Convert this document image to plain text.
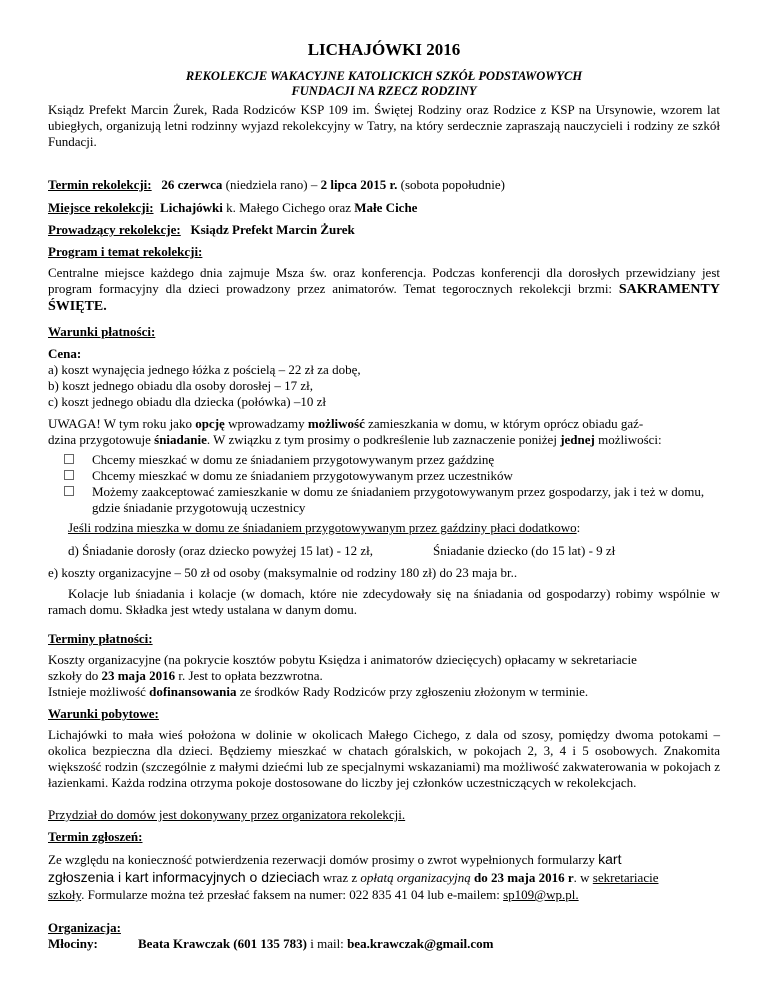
LICHAJÓWKI 2016
REKOLEKCJE WAKACYJNE KATOLICKICH SZKÓŁ PODSTAWOWYCH
FUNDACJI NA RZECZ RODZINY
Ksiądz Prefekt Marcin Żurek, Rada Rodziców KSP 109 im. Świętej Rodziny oraz Rodzice z KSP na Ursynowie, wzorem lat ubiegłych, organizują letni rodzinny wyjazd rekolekcyjny w Tatry, na który serdecznie zapraszają nauczycieli i rodziny ze szkół Fundacji.
Termin rekolekcji: 26 czerwca (niedziela rano) – 2 lipca 2015 r. (sobota popołudnie)
Miejsce rekolekcji: Lichajówki k. Małego Cichego oraz Małe Ciche
Prowadzący rekolekcje: Ksiądz Prefekt Marcin Żurek
Program i temat rekolekcji:
Centralne miejsce każdego dnia zajmuje Msza św. oraz konferencja. Podczas konferencji dla dorosłych przewidziany jest program formacyjny dla dzieci prowadzony przez animatorów. Temat tegorocznych rekolekcji brzmi: SAKRAMENTY ŚWIĘTE.
Warunki płatności:
Cena:
a) koszt wynajęcia jednego łóżka z pościelą – 22 zł za dobę,
b) koszt jednego obiadu dla osoby dorosłej – 17 zł,
c) koszt jednego obiadu dla dziecka (połówka) –10 zł
UWAGA! W tym roku jako opcję wprowadzamy możliwość zamieszkania w domu, w którym oprócz obiadu gaź-
dzina przygotowuje śniadanie. W związku z tym prosimy o podkreślenie lub zaznaczenie poniżej jednej możliwości:
Chcemy mieszkać w domu ze śniadaniem przygotowywanym przez gaździnę
Chcemy mieszkać w domu ze śniadaniem przygotowywanym przez uczestników
Możemy zaakceptować zamieszkanie w domu ze śniadaniem przygotowywanym przez gospodarzy, jak i też w domu, gdzie śniadanie przygotowują uczestnicy
Jeśli rodzina mieszka w domu ze śniadaniem przygotowywanym przez gaździny płaci dodatkowo:
d) Śniadanie dorosły (oraz dziecko powyżej 15 lat) - 12 zł,	Śniadanie dziecko (do 15 lat) - 9 zł
e) koszty organizacyjne – 50 zł od osoby (maksymalnie od rodziny 180 zł) do 23 maja br..
Kolacje lub śniadania i kolacje (w domach, które nie zdecydowały się na śniadania od gospodarzy) robimy wspólnie w ramach domu. Składka jest wtedy ustalana w danym domu.
Terminy płatności:
Koszty organizacyjne (na pokrycie kosztów pobytu Księdza i animatorów dziecięcych) opłacamy w sekretariacie
szkoły do 23 maja 2016 r. Jest to opłata bezzwrotna.
Istnieje możliwość dofinansowania ze środków Rady Rodziców przy zgłoszeniu złożonym w terminie.
Warunki pobytowe:
Lichajówki to mała wieś położona w dolinie w okolicach Małego Cichego, z dala od szosy, pomiędzy dwoma potokami – okolica bezpieczna dla dzieci. Będziemy mieszkać w chatach góralskich, w pokojach 2, 3, 4 i 5 osobowych. Znakomita większość rodzin (szczególnie z małymi dziećmi lub ze specjalnymi wskazaniami) ma możliwość zakwaterowania w pokojach z łazienkami. Każda rodzina otrzyma pokoje dostosowane do liczby jej członków uczestniczących w rekolekcjach.
Przydział do domów jest dokonywany przez organizatora rekolekcji.
Termin zgłoszeń:
Ze względu na konieczność potwierdzenia rezerwacji domów prosimy o zwrot wypełnionych formularzy kart
zgłoszenia i kart informacyjnych o dzieciach wraz z opłatą organizacyjną do 23 maja 2016 r. w sekretariacie
szkoły. Formularze można też przesłać faksem na numer: 022 835 41 04 lub e-mailem: sp109@wp.pl.
Organizacja:
Młociny:	Beata Krawczak (601 135 783) i mail: bea.krawczak@gmail.com
